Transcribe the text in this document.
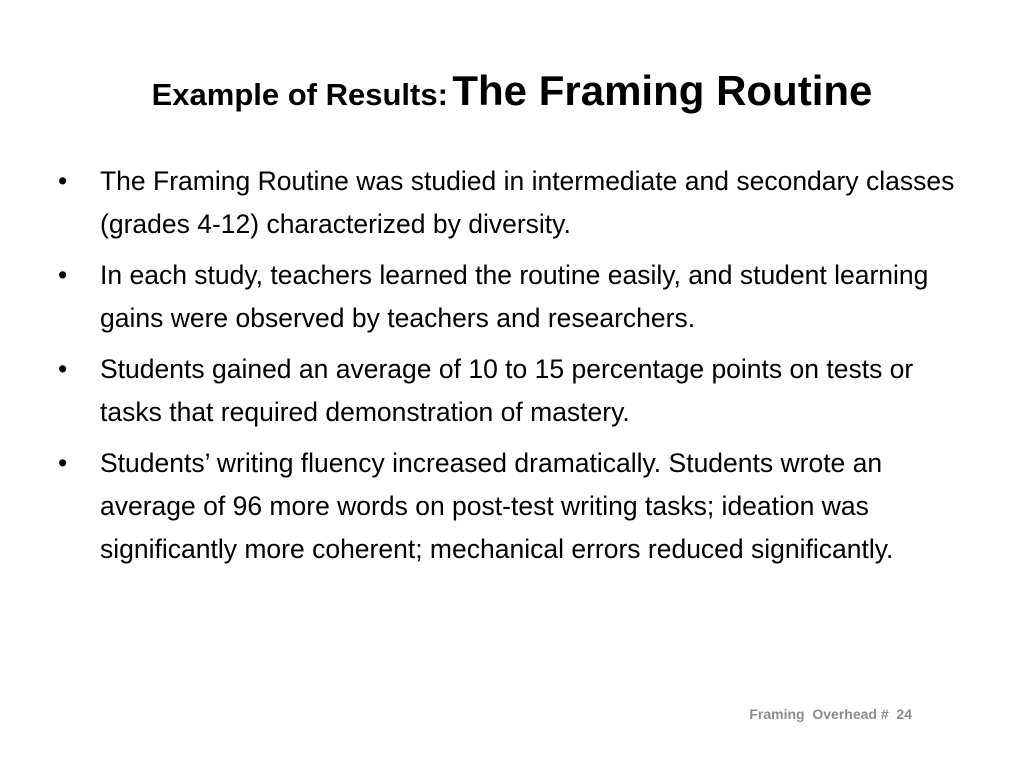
Example of Results: The Framing Routine
•	The Framing Routine was studied in intermediate and secondary classes (grades 4-12) characterized by diversity.
•	In each study, teachers learned the routine easily, and student learning gains were observed by teachers and researchers.
•	Students gained an average of 10 to 15 percentage points on tests or tasks that required demonstration of mastery.
•	Students’ writing fluency increased dramatically. Students wrote an average of 96 more words on post-test writing tasks; ideation was significantly more coherent; mechanical errors reduced significantly.
Framing  Overhead #  24
